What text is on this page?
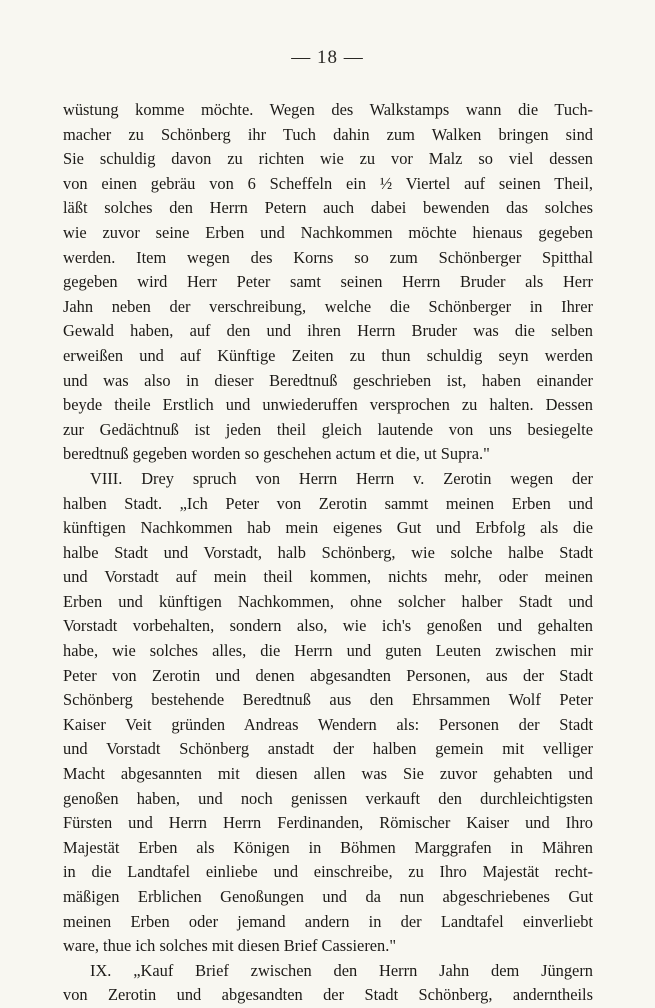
— 18 —
wüstung komme möchte. Wegen des Walkstamps wann die Tuch-
macher zu Schönberg ihr Tuch dahin zum Walken bringen sind
Sie schuldig davon zu richten wie zu vor Malz so viel dessen
von einen gebräu von 6 Scheffeln ein ½ Viertel auf seinen Theil,
läßt solches den Herrn Petern auch dabei bewenden das solches
wie zuvor seine Erben und Nachkommen möchte hienaus gegeben
werden. Item wegen des Korns so zum Schönberger Spitthal
gegeben wird Herr Peter samt seinen Herrn Bruder als Herr
Jahn neben der verschreibung, welche die Schönberger in Ihrer
Gewald haben, auf den und ihren Herrn Bruder was die selben
erweißen und auf Künftige Zeiten zu thun schuldig seyn werden
und was also in dieser Beredtnuß geschrieben ist, haben einander
beyde theile Erstlich und unwiederuffen versprochen zu halten. Dessen
zur Gedächtnuß ist jeden theil gleich lautende von uns besiegelte
beredtnuß gegeben worden so geschehen actum et die, ut Supra."
VIII. Drey spruch von Herrn Herrn v. Zerotin wegen der
halben Stadt. „Ich Peter von Zerotin sammt meinen Erben und
künftigen Nachkommen hab mein eigenes Gut und Erbfolg als die
halbe Stadt und Vorstadt, halb Schönberg, wie solche halbe Stadt
und Vorstadt auf mein theil kommen, nichts mehr, oder meinen
Erben und künftigen Nachkommen, ohne solcher halber Stadt und
Vorstadt vorbehalten, sondern also, wie ich's genoßen und gehalten
habe, wie solches alles, die Herrn und guten Leuten zwischen mir
Peter von Zerotin und denen abgesandten Personen, aus der Stadt
Schönberg bestehende Beredtnuß aus den Ehrsammen Wolf Peter
Kaiser Veit gründen Andreas Wendern als: Personen der Stadt
und Vorstadt Schönberg anstadt der halben gemein mit velliger
Macht abgesannten mit diesen allen was Sie zuvor gehabten und
genoßen haben, und noch genissen verkauft den durchleichtigsten
Fürsten und Herrn Herrn Ferdinanden, Römischer Kaiser und Ihro
Majestät Erben als Königen in Böhmen Marggrafen in Mähren
in die Landtafel einliebe und einschreibe, zu Ihro Majestät recht-
mäßigen Erblichen Genoßungen und da nun abgeschriebenes Gut
meinen Erben oder jemand andern in der Landtafel einverliebt
ware, thue ich solches mit diesen Brief Cassieren."
IX. „Kauf Brief zwischen den Herrn Jahn dem Jüngern
von Zerotin und abgesandten der Stadt Schönberg, anderntheils
